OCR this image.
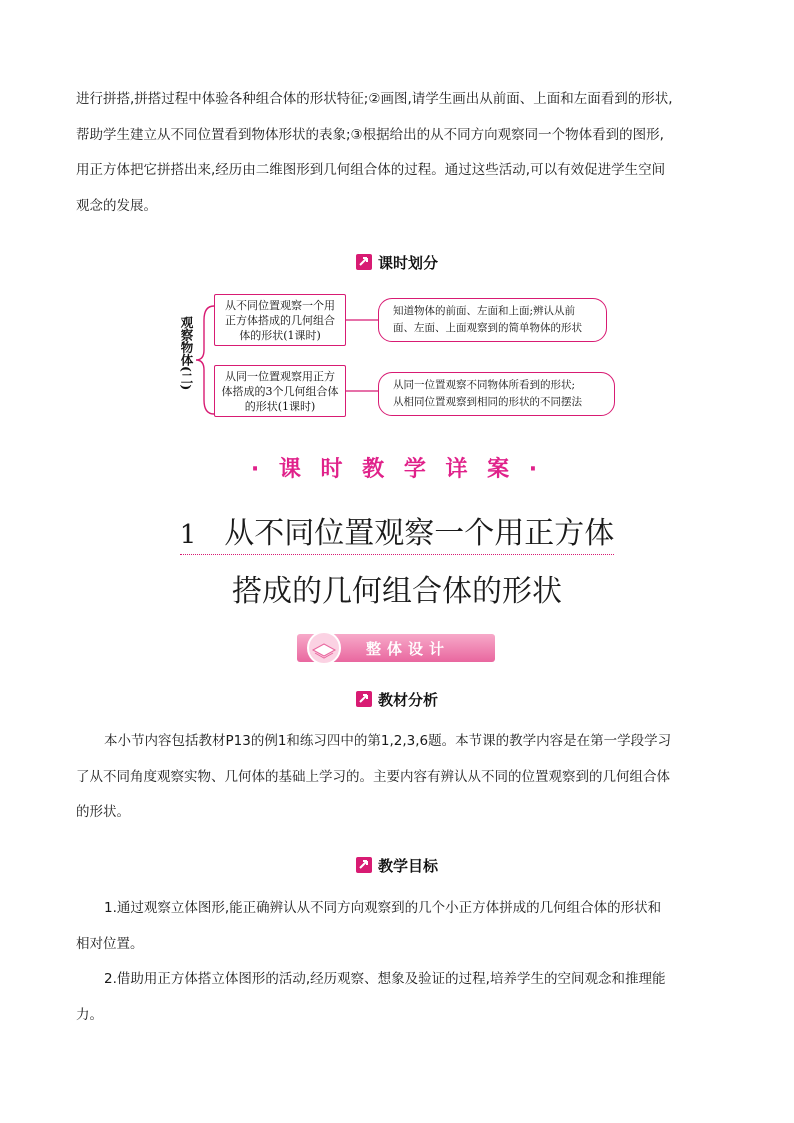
进行拼搭,拼搭过程中体验各种组合体的形状特征;②画图,请学生画出从前面、上面和左面看到的形状,
帮助学生建立从不同位置看到物体形状的表象;③根据给出的从不同方向观察同一个物体看到的图形,
用正方体把它拼搭出来,经历由二维图形到几何组合体的过程。通过这些活动,可以有效促进学生空间
观念的发展。
课时划分
观察物体(二)
从不同位置观察一个用正方体搭成的几何组合体的形状(1课时)
从同一位置观察用正方体搭成的3个几何组合体的形状(1课时)
知道物体的前面、左面和上面;辨认从前
面、左面、上面观察到的简单物体的形状
从同一位置观察不同物体所看到的形状;
从相同位置观察到相同的形状的不同摆法
· 课 时 教 学 详 案 ·
1 从不同位置观察一个用正方体
搭成的几何组合体的形状
整体设计
教材分析
本小节内容包括教材P13的例1和练习四中的第1,2,3,6题。本节课的教学内容是在第一学段学习
了从不同角度观察实物、几何体的基础上学习的。主要内容有辨认从不同的位置观察到的几何组合体
的形状。
教学目标
1.通过观察立体图形,能正确辨认从不同方向观察到的几个小正方体拼成的几何组合体的形状和
相对位置。
2.借助用正方体搭立体图形的活动,经历观察、想象及验证的过程,培养学生的空间观念和推理能
力。
